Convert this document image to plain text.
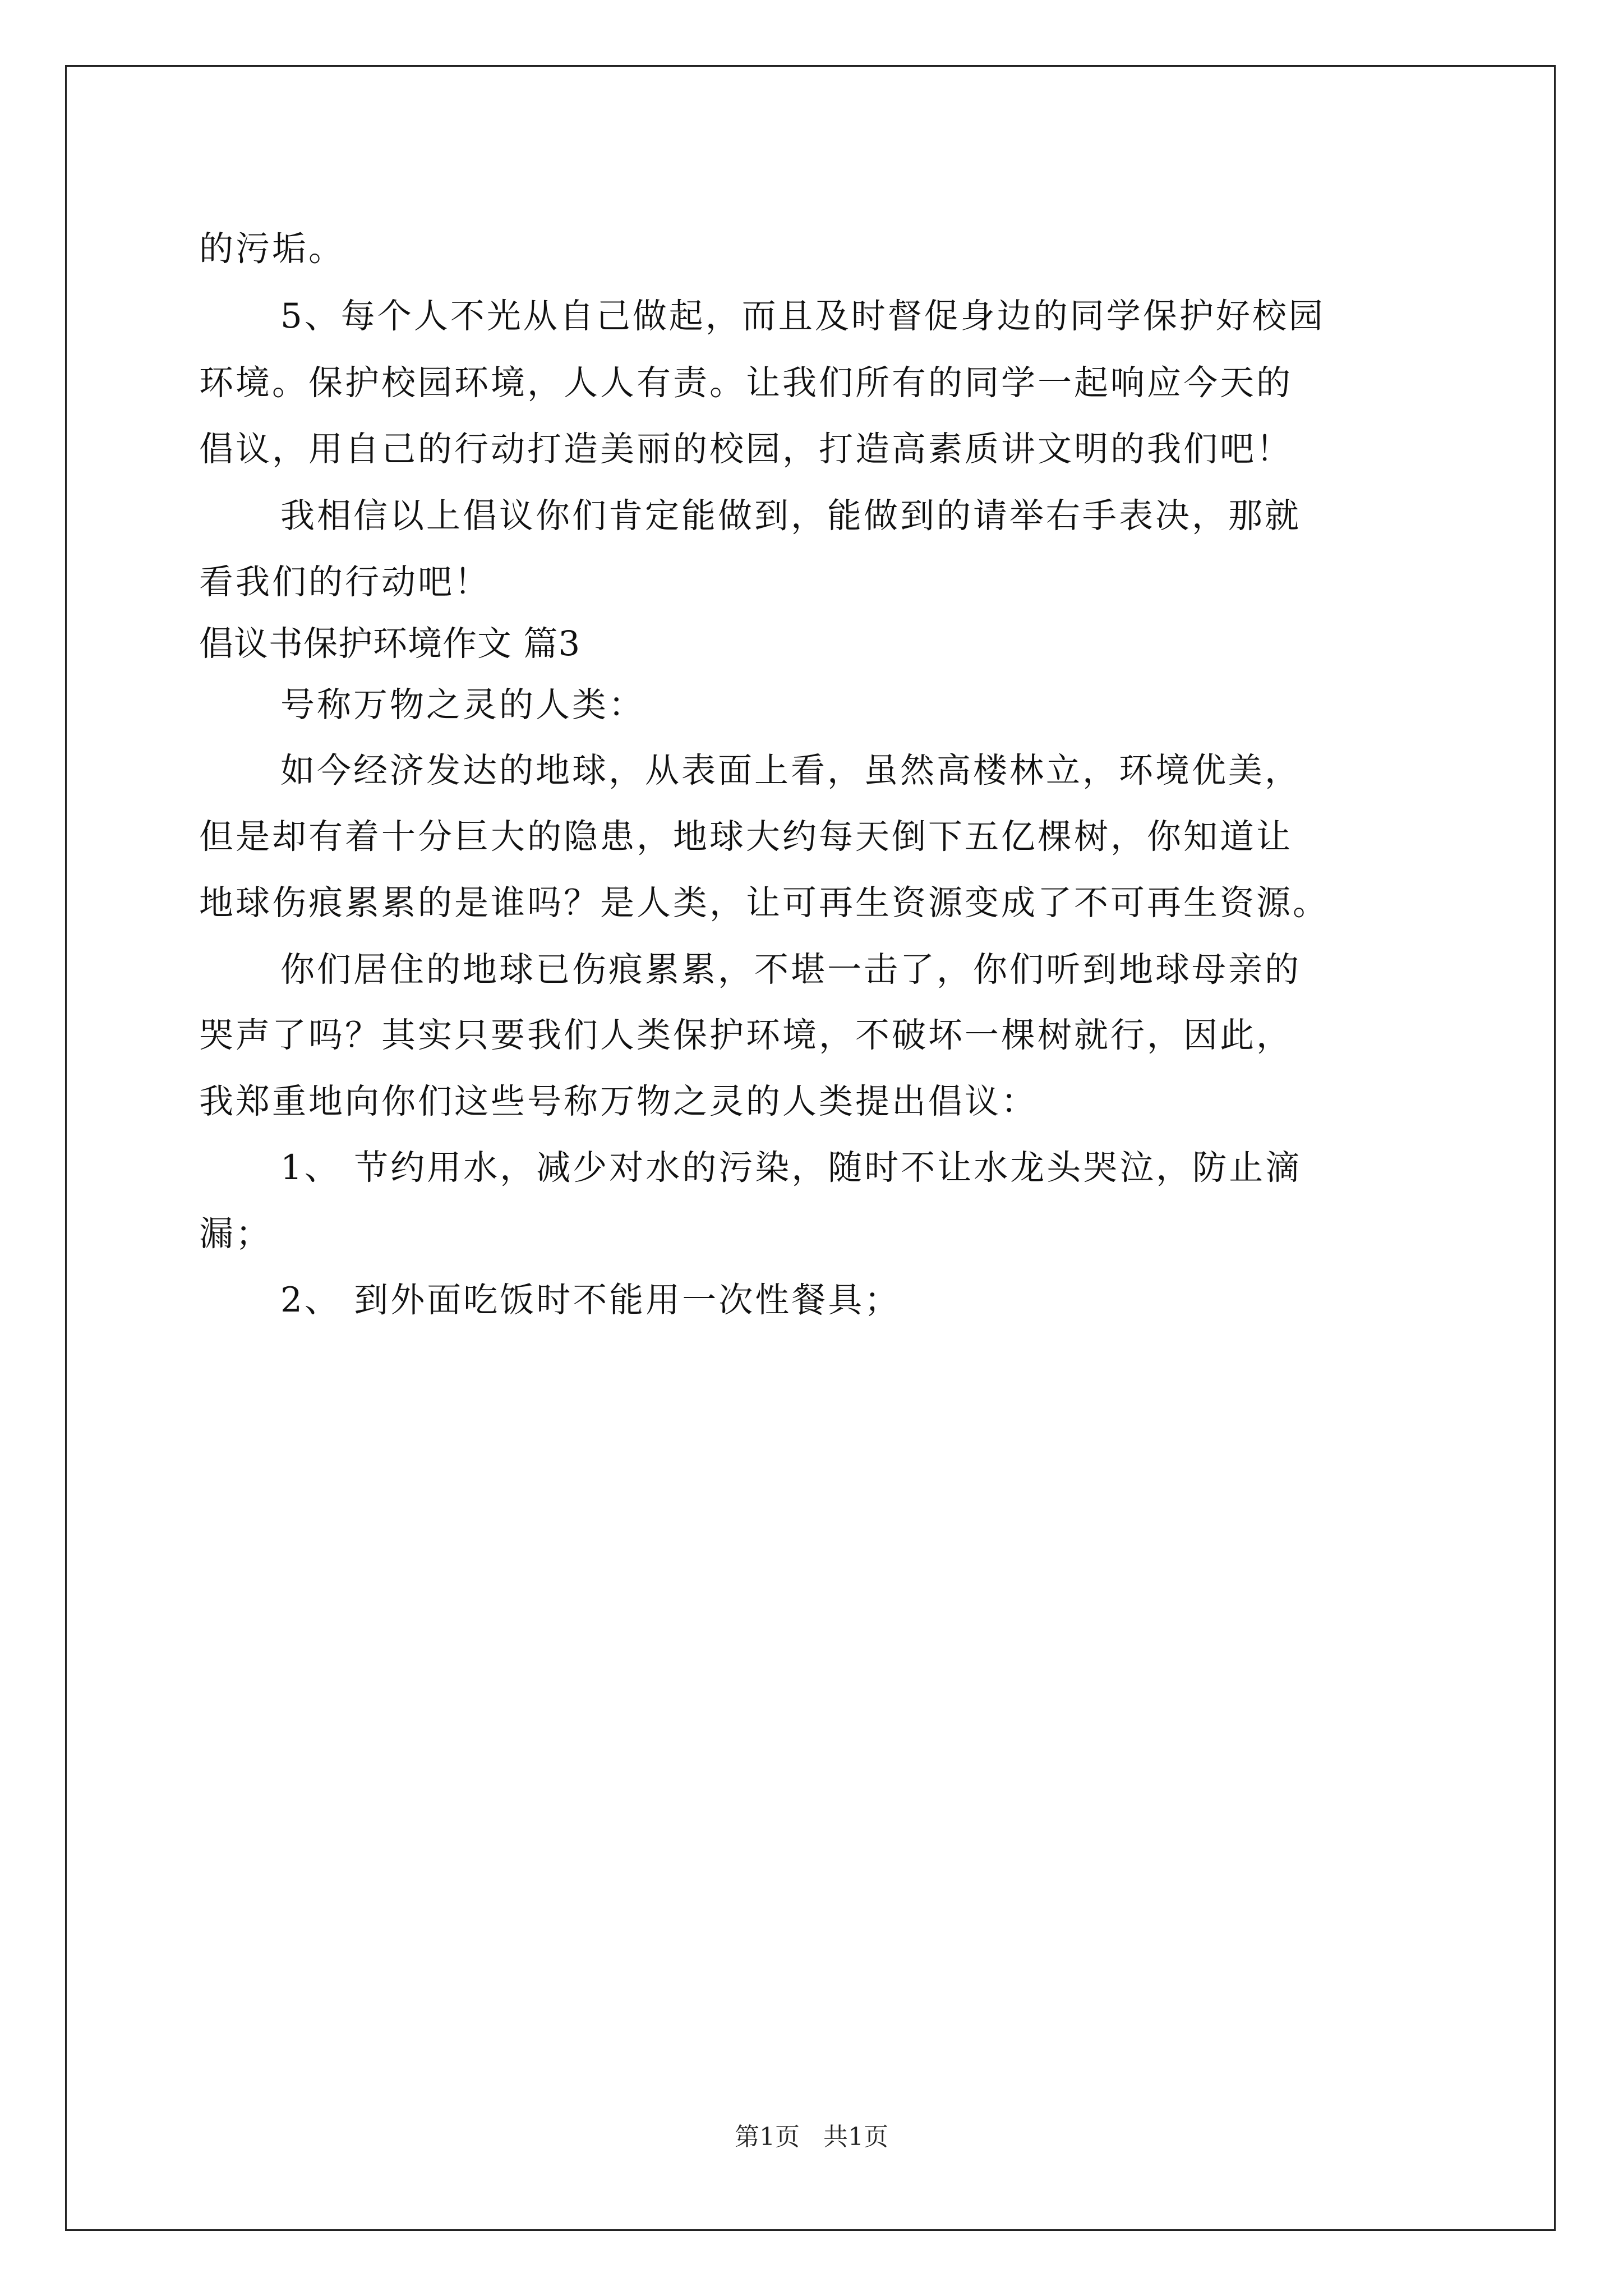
的污垢。
5、每个人不光从自己做起，而且及时督促身边的同学保护好校园
环境。保护校园环境，人人有责。让我们所有的同学一起响应今天的
倡议，用自己的行动打造美丽的校园，打造高素质讲文明的我们吧！
我相信以上倡议你们肯定能做到，能做到的请举右手表决，那就
看我们的行动吧！
倡议书保护环境作文 篇3
号称万物之灵的人类：
如今经济发达的地球，从表面上看，虽然高楼林立，环境优美，
但是却有着十分巨大的隐患，地球大约每天倒下五亿棵树，你知道让
地球伤痕累累的是谁吗？是人类，让可再生资源变成了不可再生资源。
你们居住的地球已伤痕累累，不堪一击了，你们听到地球母亲的
哭声了吗？其实只要我们人类保护环境，不破坏一棵树就行，因此，
我郑重地向你们这些号称万物之灵的人类提出倡议：
1、 节约用水，减少对水的污染，随时不让水龙头哭泣，防止滴
漏；
2、 到外面吃饭时不能用一次性餐具；
第1页 共1页
